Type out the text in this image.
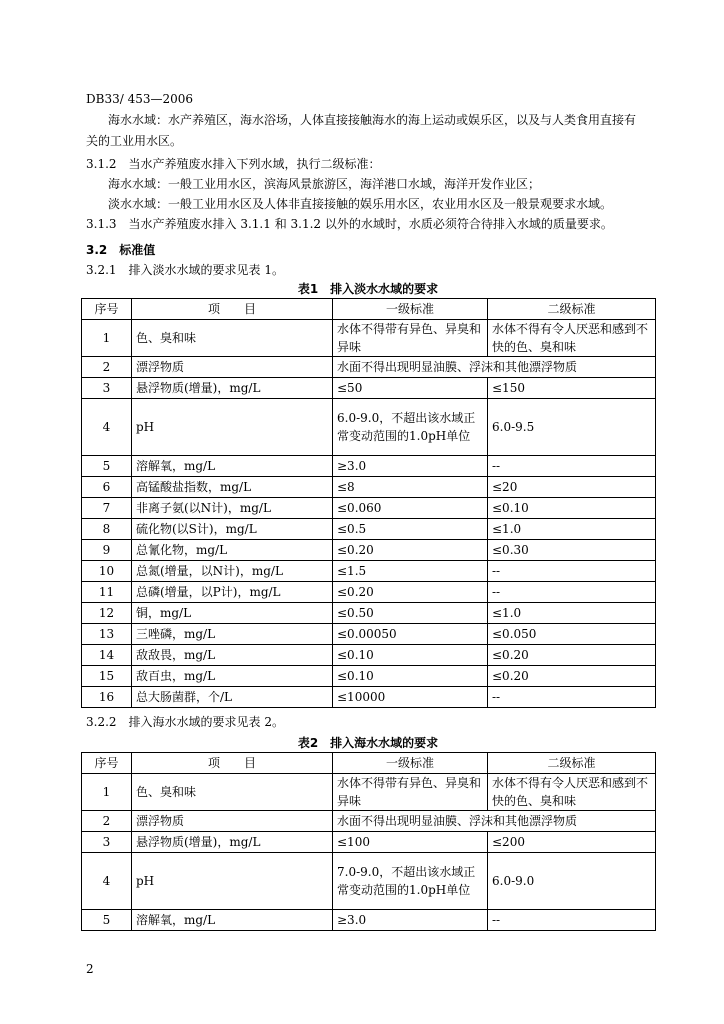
DB33/ 453—2006
海水水域：水产养殖区，海水浴场，人体直接接触海水的海上运动或娱乐区，以及与人类食用直接有
关的工业用水区。
3.1.2　当水产养殖废水排入下列水域，执行二级标准：
海水水域：一般工业用水区，滨海风景旅游区，海洋港口水域，海洋开发作业区；
淡水水域：一般工业用水区及人体非直接接触的娱乐用水区，农业用水区及一般景观要求水域。
3.1.3　当水产养殖废水排入 3.1.1 和 3.1.2 以外的水域时，水质必须符合待排入水域的质量要求。
3.2　标准值
3.2.1　排入淡水水域的要求见表 1。
表1　排入淡水水域的要求
序号	项　　目	一级标准	二级标准
1	色、臭和味	水体不得带有异色、异臭和异味	水体不得有令人厌恶和感到不快的色、臭和味
2	漂浮物质	水面不得出现明显油膜、浮沫和其他漂浮物质	
3	悬浮物质(增量)，mg/L	≤50	≤150
4	pH	6.0-9.0，不超出该水域正常变动范围的1.0pH单位	6.0-9.5
5	溶解氧，mg/L	≥3.0	--
6	高锰酸盐指数，mg/L	≤8	≤20
7	非离子氨(以N计)，mg/L	≤0.060	≤0.10
8	硫化物(以S计)，mg/L	≤0.5	≤1.0
9	总氰化物，mg/L	≤0.20	≤0.30
10	总氮(增量，以N计)，mg/L	≤1.5	--
11	总磷(增量，以P计)，mg/L	≤0.20	--
12	铜，mg/L	≤0.50	≤1.0
13	三唑磷，mg/L	≤0.00050	≤0.050
14	敌敌畏，mg/L	≤0.10	≤0.20
15	敌百虫，mg/L	≤0.10	≤0.20
16	总大肠菌群，个/L	≤10000	--
3.2.2　排入海水水域的要求见表 2。
表2　排入海水水域的要求
序号	项　　目	一级标准	二级标准
1	色、臭和味	水体不得带有异色、异臭和异味	水体不得有令人厌恶和感到不快的色、臭和味
2	漂浮物质	水面不得出现明显油膜、浮沫和其他漂浮物质	
3	悬浮物质(增量)，mg/L	≤100	≤200
4	pH	7.0-9.0，不超出该水域正常变动范围的1.0pH单位	6.0-9.0
5	溶解氧，mg/L	≥3.0	--
2
